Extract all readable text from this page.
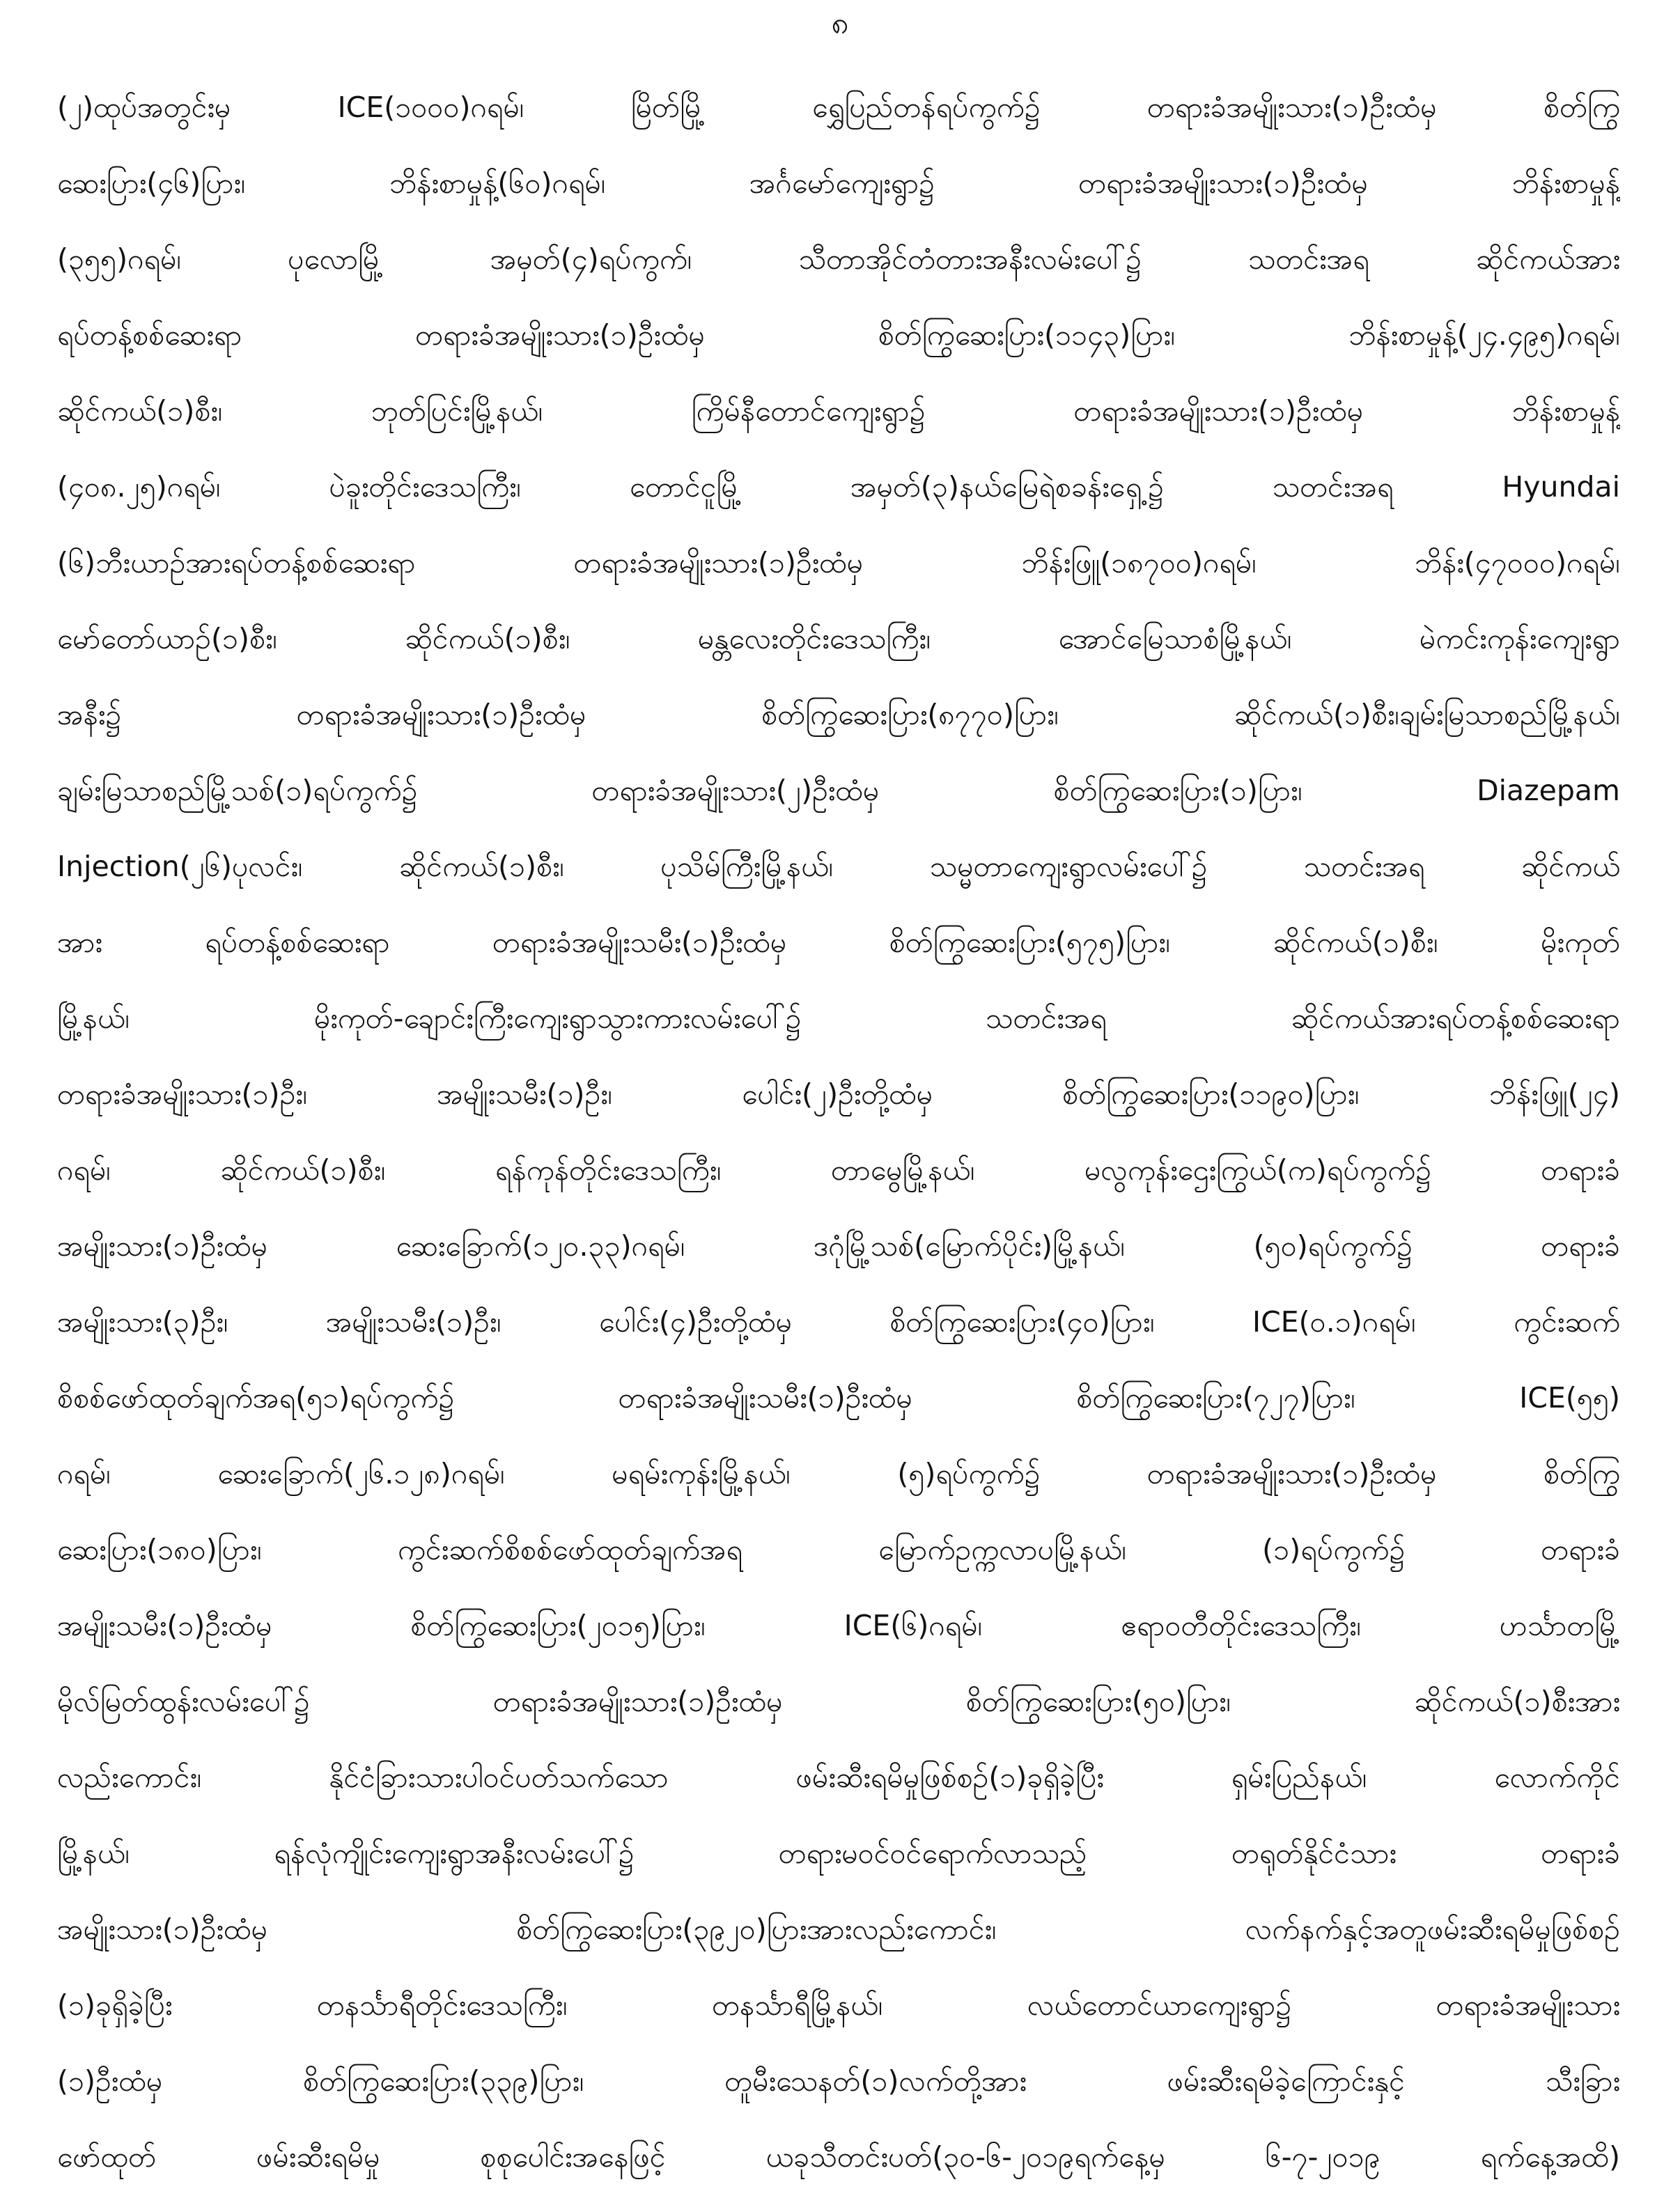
၈
(၂)ထုပ်အတွင်းမှ ICE(၁၀၀၀)ဂရမ်၊ မြိတ်မြို့ ရွှေပြည်တန်ရပ်ကွက်၌ တရားခံအမျိုးသား(၁)ဦးထံမှ စိတ်ကြွ
ဆေးပြား(၄၆)ပြား၊ ဘိန်းစာမှုန့်(၆၀)ဂရမ်၊ အင်္ဂမော်ကျေးရွာ၌ တရားခံအမျိုးသား(၁)ဦးထံမှ ဘိန်းစာမှုန့်
(၃၅၅)ဂရမ်၊ ပုလောမြို့ အမှတ်(၄)ရပ်ကွက်၊ သီတာအိုင်တံတားအနီးလမ်းပေါ်၌ သတင်းအရ ဆိုင်ကယ်အား
ရပ်တန့်စစ်ဆေးရာ တရားခံအမျိုးသား(၁)ဦးထံမှ စိတ်ကြွဆေးပြား(၁၁၄၃)ပြား၊ ဘိန်းစာမှုန့်(၂၄.၄၉၅)ဂရမ်၊
ဆိုင်ကယ်(၁)စီး၊ ဘုတ်ပြင်းမြို့နယ်၊ ကြိမ်နီတောင်ကျေးရွာ၌ တရားခံအမျိုးသား(၁)ဦးထံမှ ဘိန်းစာမှုန့်
(၄၀၈.၂၅)ဂရမ်၊ ပဲခူးတိုင်းဒေသကြီး၊ တောင်ငူမြို့ အမှတ်(၃)နယ်မြေရဲစခန်းရှေ့၌ သတင်းအရ Hyundai
(၆)ဘီးယာဉ်အားရပ်တန့်စစ်ဆေးရာ တရားခံအမျိုးသား(၁)ဦးထံမှ ဘိန်းဖြူ(၁၈၇၀၀)ဂရမ်၊ ဘိန်း(၄၇၀၀၀)ဂရမ်၊
မော်တော်ယာဉ်(၁)စီး၊ ဆိုင်ကယ်(၁)စီး၊ မန္တလေးတိုင်းဒေသကြီး၊ အောင်မြေသာစံမြို့နယ်၊ မဲကင်းကုန်းကျေးရွာ
အနီး၌ တရားခံအမျိုးသား(၁)ဦးထံမှ စိတ်ကြွဆေးပြား(၈၇၇၀)ပြား၊ ဆိုင်ကယ်(၁)စီး၊ချမ်းမြသာစည်မြို့နယ်၊
ချမ်းမြသာစည်မြို့သစ်(၁)ရပ်ကွက်၌ တရားခံအမျိုးသား(၂)ဦးထံမှ စိတ်ကြွဆေးပြား(၁)ပြား၊ Diazepam
Injection(၂၆)ပုလင်း၊ ဆိုင်ကယ်(၁)စီး၊ ပုသိမ်ကြီးမြို့နယ်၊ သမ္မတာကျေးရွာလမ်းပေါ်၌ သတင်းအရ ဆိုင်ကယ်
အား ရပ်တန့်စစ်ဆေးရာ တရားခံအမျိုးသမီး(၁)ဦးထံမှ စိတ်ကြွဆေးပြား(၅၇၅)ပြား၊ ဆိုင်ကယ်(၁)စီး၊ မိုးကုတ်
မြို့နယ်၊ မိုးကုတ်-ချောင်းကြီးကျေးရွာသွားကားလမ်းပေါ်၌ သတင်းအရ ဆိုင်ကယ်အားရပ်တန့်စစ်ဆေးရာ
တရားခံအမျိုးသား(၁)ဦး၊ အမျိုးသမီး(၁)ဦး၊ ပေါင်း(၂)ဦးတို့ထံမှ စိတ်ကြွဆေးပြား(၁၁၉၀)ပြား၊ ဘိန်းဖြူ(၂၄)
ဂရမ်၊ ဆိုင်ကယ်(၁)စီး၊ ရန်ကုန်တိုင်းဒေသကြီး၊ တာမွေမြို့နယ်၊ မလွကုန်းဌေးကြွယ်(က)ရပ်ကွက်၌ တရားခံ
အမျိုးသား(၁)ဦးထံမှ ဆေးခြောက်(၁၂၀.၃၃)ဂရမ်၊ ဒဂုံမြို့သစ်(မြောက်ပိုင်း)မြို့နယ်၊ (၅၀)ရပ်ကွက်၌ တရားခံ
အမျိုးသား(၃)ဦး၊ အမျိုးသမီး(၁)ဦး၊ ပေါင်း(၄)ဦးတို့ထံမှ စိတ်ကြွဆေးပြား(၄၀)ပြား၊ ICE(၀.၁)ဂရမ်၊ ကွင်းဆက်
စိစစ်ဖော်ထုတ်ချက်အရ(၅၁)ရပ်ကွက်၌ တရားခံအမျိုးသမီး(၁)ဦးထံမှ စိတ်ကြွဆေးပြား(၇၂၇)ပြား၊ ICE(၅၅)
ဂရမ်၊ ဆေးခြောက်(၂၆.၁၂၈)ဂရမ်၊ မရမ်းကုန်းမြို့နယ်၊ (၅)ရပ်ကွက်၌ တရားခံအမျိုးသား(၁)ဦးထံမှ စိတ်ကြွ
ဆေးပြား(၁၈၀)ပြား၊ ကွင်းဆက်စိစစ်ဖော်ထုတ်ချက်အရ မြောက်ဥက္ကလာပမြို့နယ်၊ (၁)ရပ်ကွက်၌ တရားခံ
အမျိုးသမီး(၁)ဦးထံမှ စိတ်ကြွဆေးပြား(၂၀၁၅)ပြား၊ ICE(၆)ဂရမ်၊ ဧရာဝတီတိုင်းဒေသကြီး၊ ဟင်္သာတမြို့
မိုလ်မြတ်ထွန်းလမ်းပေါ်၌ တရားခံအမျိုးသား(၁)ဦးထံမှ စိတ်ကြွဆေးပြား(၅၀)ပြား၊ ဆိုင်ကယ်(၁)စီးအား
လည်းကောင်း၊ နိုင်ငံခြားသားပါဝင်ပတ်သက်သော ဖမ်းဆီးရမိမှုဖြစ်စဉ်(၁)ခုရှိခဲ့ပြီး ရှမ်းပြည်နယ်၊ လောက်ကိုင်
မြို့နယ်၊ ရန်လုံကျိုင်းကျေးရွာအနီးလမ်းပေါ်၌ တရားမဝင်ဝင်ရောက်လာသည့် တရုတ်နိုင်ငံသား တရားခံ
အမျိုးသား(၁)ဦးထံမှ စိတ်ကြွဆေးပြား(၃၉၂၀)ပြားအားလည်းကောင်း၊ လက်နက်နှင့်အတူဖမ်းဆီးရမိမှုဖြစ်စဉ်
(၁)ခုရှိခဲ့ပြီး တနင်္သာရီတိုင်းဒေသကြီး၊ တနင်္သာရီမြို့နယ်၊ လယ်တောင်ယာကျေးရွာ၌ တရားခံအမျိုးသား
(၁)ဦးထံမှ စိတ်ကြွဆေးပြား(၃၃၉)ပြား၊ တူမီးသေနတ်(၁)လက်တို့အား ဖမ်းဆီးရမိခဲ့ကြောင်းနှင့် သီးခြား
ဖော်ထုတ် ဖမ်းဆီးရမိမှု စုစုပေါင်းအနေဖြင့် ယခုသီတင်းပတ်(၃၀-၆-၂၀၁၉ရက်နေ့မှ ၆-၇-၂၀၁၉ ရက်နေ့အထိ)
